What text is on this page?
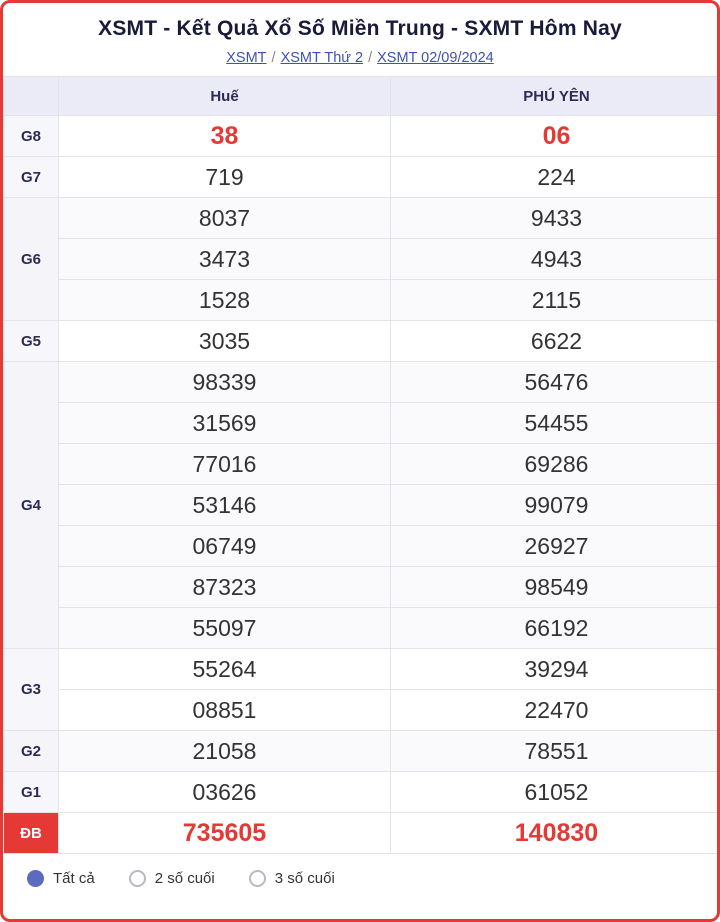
XSMT - Kết Quả Xổ Số Miền Trung - SXMT Hôm Nay
XSMT / XSMT Thứ 2 / XSMT 02/09/2024
	Huế	PHÚ YÊN
G8	38	06
G7	719	224
G6	8037	9433
	3473	4943
	1528	2115
G5	3035	6622
G4	98339	56476
	31569	54455
	77016	69286
	53146	99079
	06749	26927
	87323	98549
	55097	66192
G3	55264	39294
	08851	22470
G2	21058	78551
G1	03626	61052
ĐB	735605	140830
Tất cả	2 số cuối	3 số cuối
